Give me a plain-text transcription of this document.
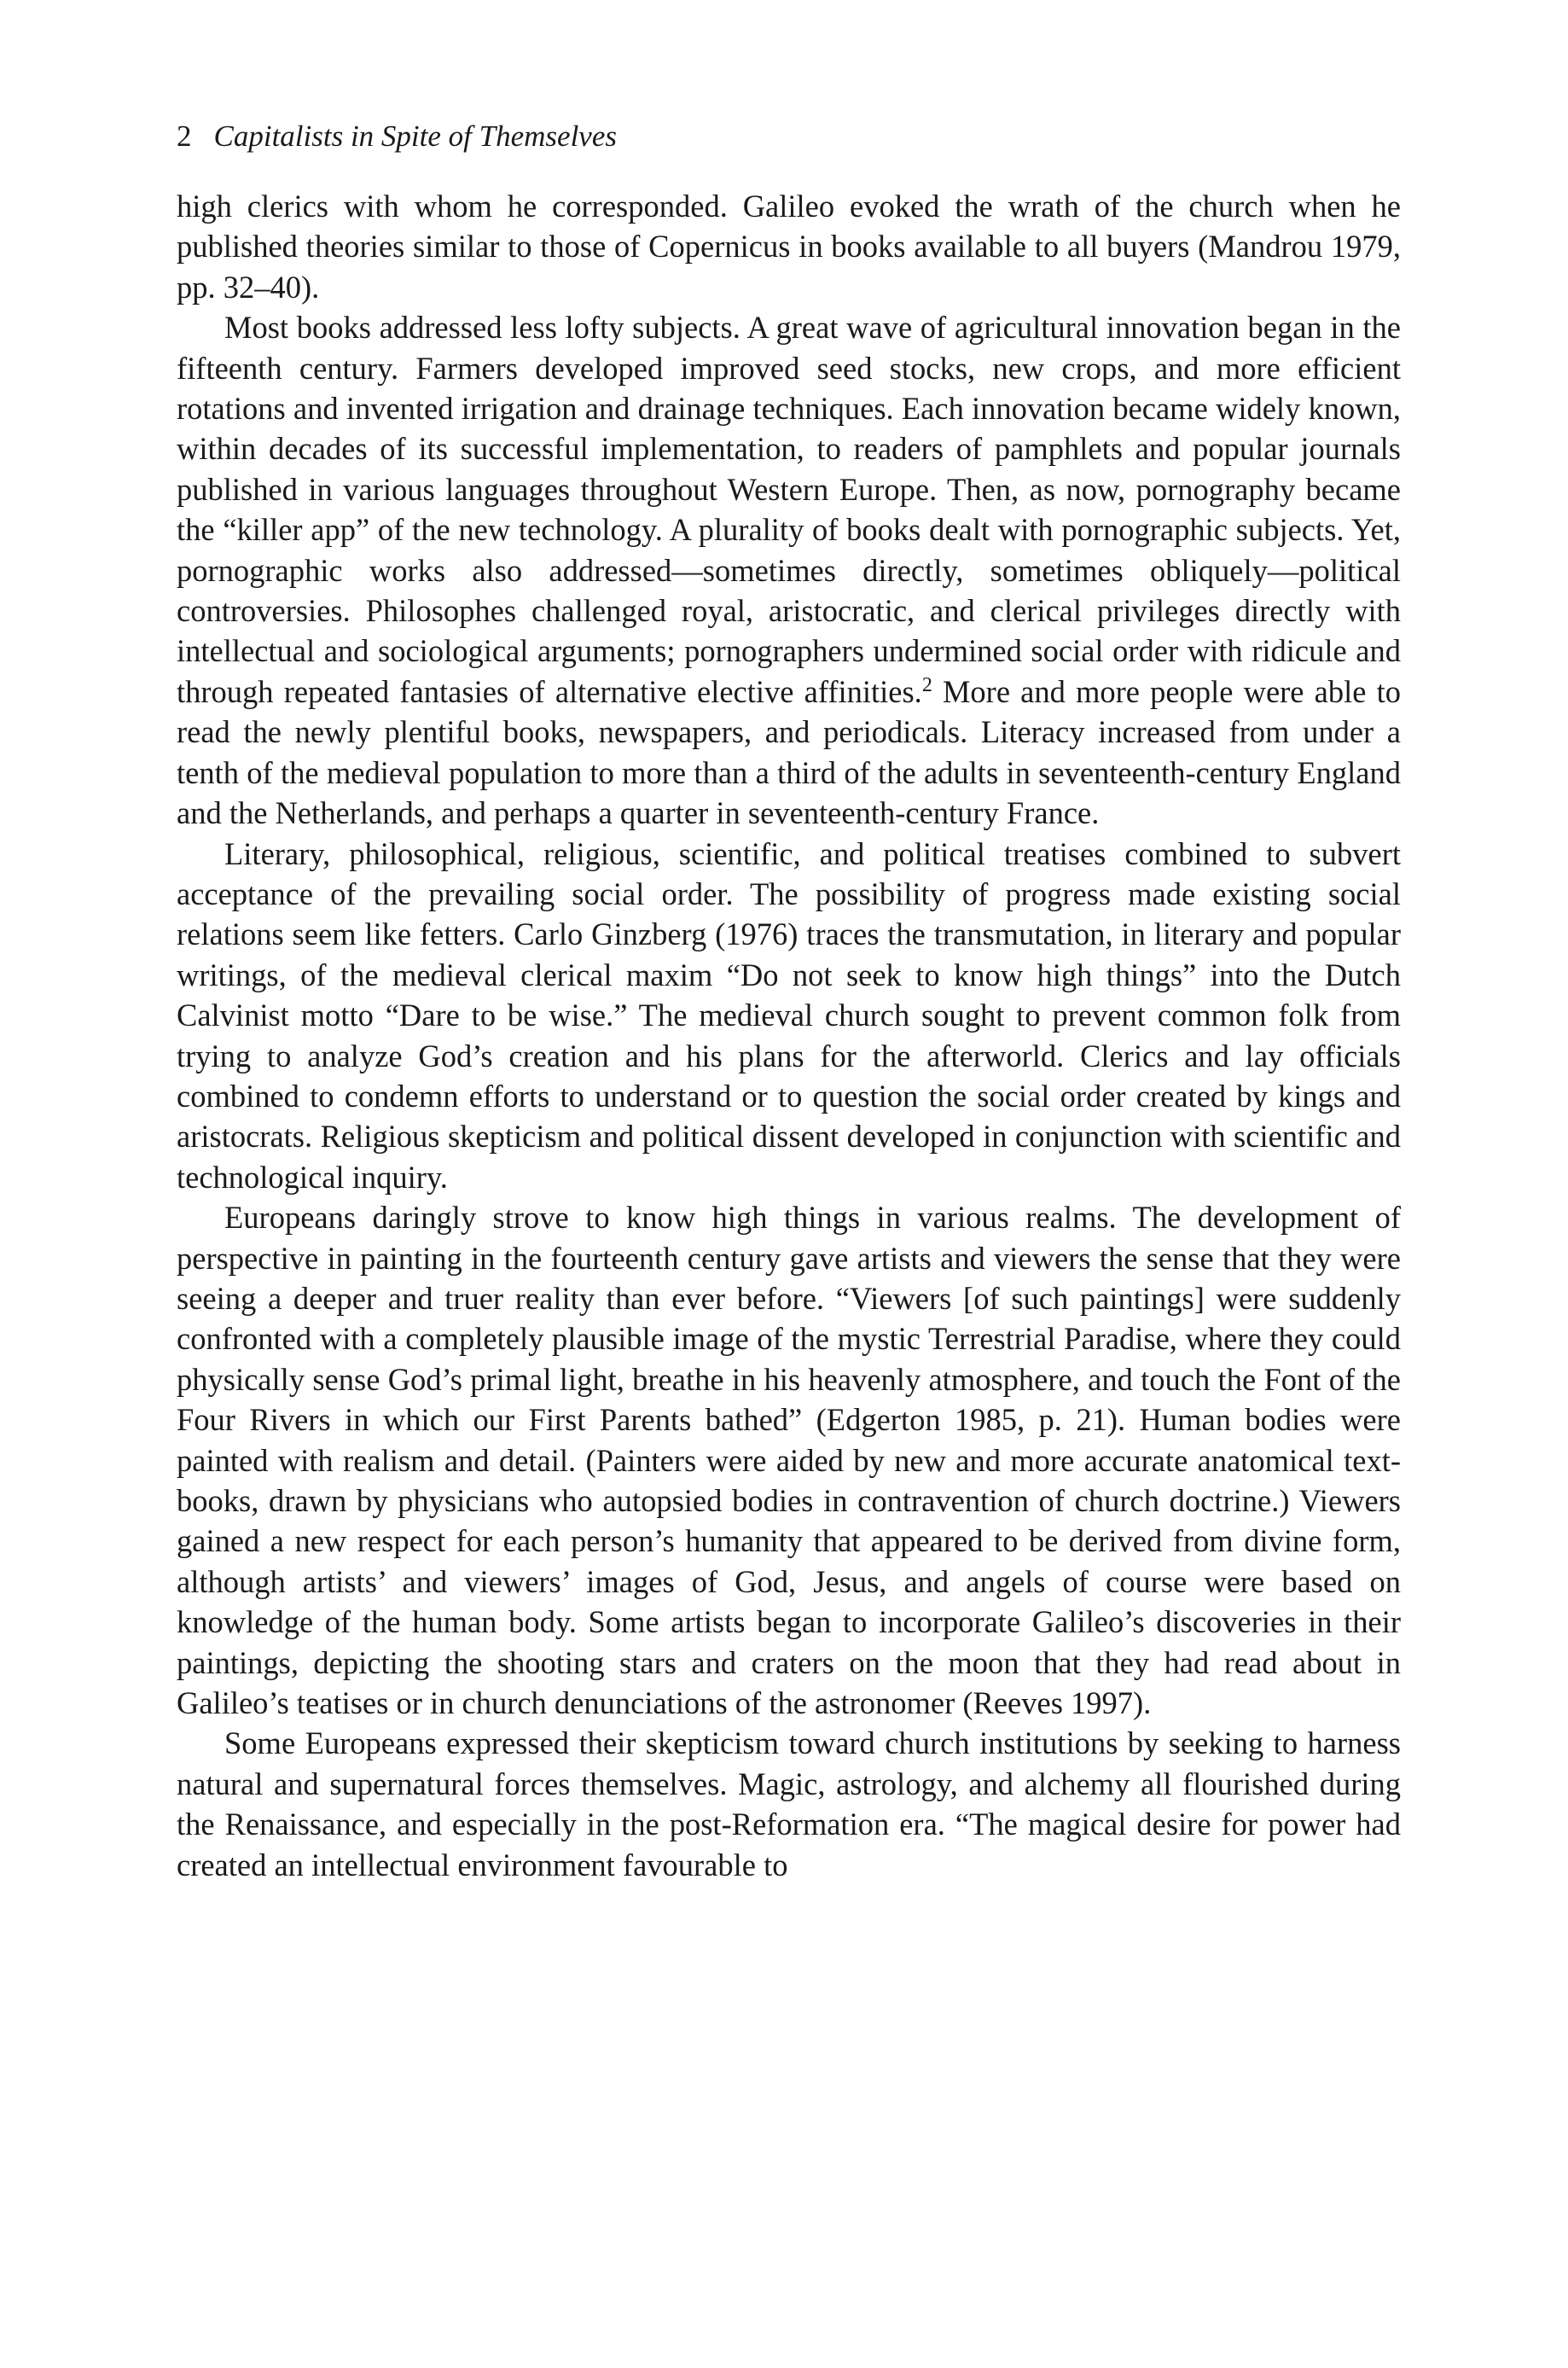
2 Capitalists in Spite of Themselves

high clerics with whom he corresponded. Galileo evoked the wrath of the church when he published theories similar to those of Copernicus in books available to all buyers (Mandrou 1979, pp. 32–40).

Most books addressed less lofty subjects. A great wave of agricultural innovation began in the fifteenth century. Farmers developed improved seed stocks, new crops, and more efficient rotations and invented irrigation and drainage techniques. Each innovation became widely known, within decades of its successful implementation, to readers of pamphlets and popular journals published in various languages throughout Western Europe. Then, as now, pornography became the “killer app” of the new technology. A plurality of books dealt with pornographic subjects. Yet, pornographic works also addressed—sometimes directly, sometimes obliquely—political controversies. Philosophes challenged royal, aristocratic, and clerical privileges directly with intellectual and sociological arguments; pornographers undermined social order with ridicule and through repeated fantasies of alternative elective affinities.$^2$ More and more people were able to read the newly plentiful books, newspapers, and periodicals. Literacy increased from under a tenth of the medieval population to more than a third of the adults in seventeenth-century England and the Netherlands, and perhaps a quarter in seventeenth-century France.

Literary, philosophical, religious, scientific, and political treatises combined to subvert acceptance of the prevailing social order. The possibility of progress made existing social relations seem like fetters. Carlo Ginzberg (1976) traces the transmutation, in literary and popular writings, of the medieval clerical maxim “Do not seek to know high things” into the Dutch Calvinist motto “Dare to be wise.” The medieval church sought to prevent common folk from trying to analyze God’s creation and his plans for the afterworld. Clerics and lay officials combined to condemn efforts to understand or to question the social order created by kings and aristocrats. Religious skepticism and political dissent developed in conjunction with scientific and technological inquiry.

Europeans daringly strove to know high things in various realms. The development of perspective in painting in the fourteenth century gave artists and viewers the sense that they were seeing a deeper and truer reality than ever before. “Viewers [of such paintings] were suddenly confronted with a completely plausible image of the mystic Terrestrial Paradise, where they could physically sense God’s primal light, breathe in his heavenly atmosphere, and touch the Font of the Four Rivers in which our First Parents bathed” (Edgerton 1985, p. 21). Human bodies were painted with realism and detail. (Painters were aided by new and more accurate anatomical textbooks, drawn by physicians who autopsied bodies in contravention of church doctrine.) Viewers gained a new respect for each person’s humanity that appeared to be derived from divine form, although artists’ and viewers’ images of God, Jesus, and angels of course were based on knowledge of the human body. Some artists began to incorporate Galileo’s discoveries in their paintings, depicting the shooting stars and craters on the moon that they had read about in Galileo’s teatises or in church denunciations of the astronomer (Reeves 1997).

Some Europeans expressed their skepticism toward church institutions by seeking to harness natural and supernatural forces themselves. Magic, astrology, and alchemy all flourished during the Renaissance, and especially in the post-Reformation era. “The magical desire for power had created an intellectual environment favourable to
